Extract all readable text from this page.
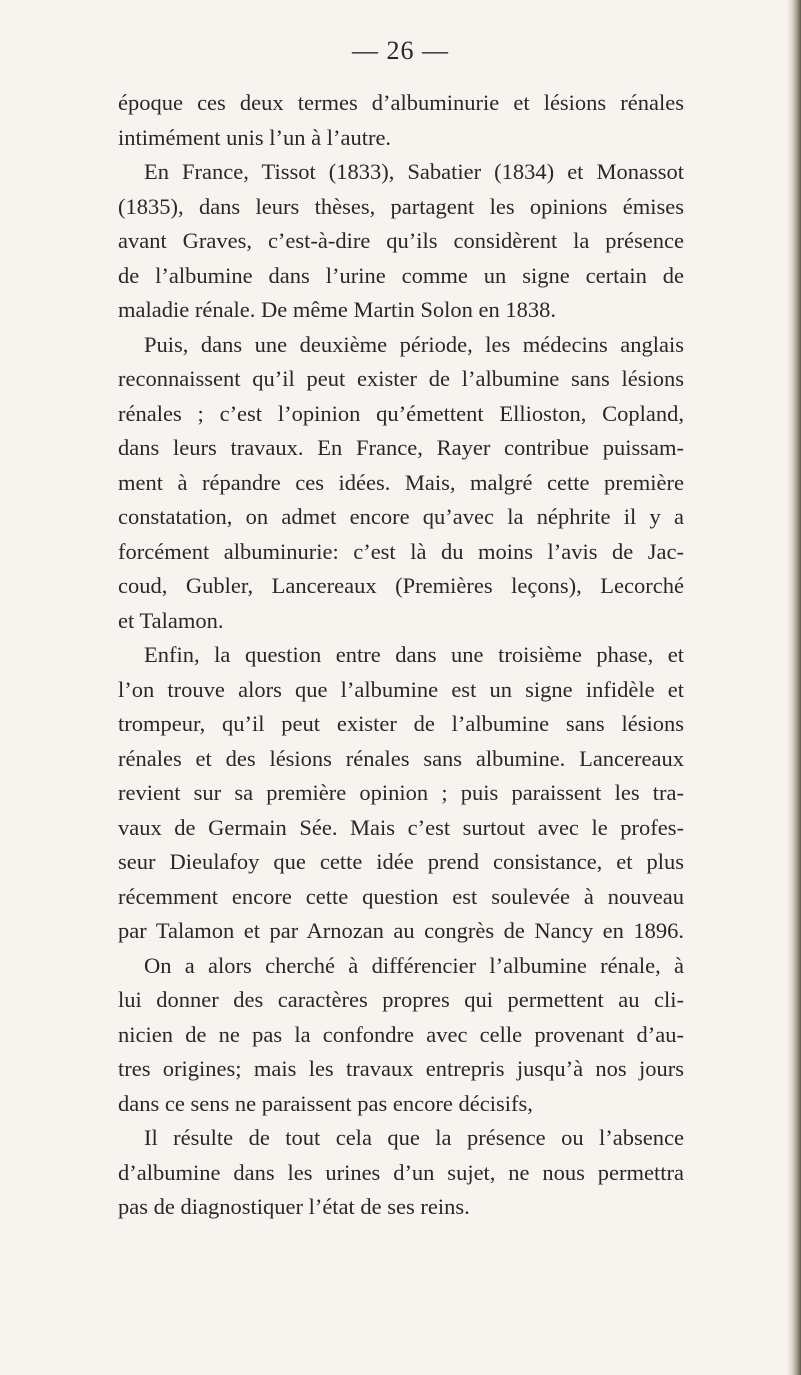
— 26 —
époque ces deux termes d’albuminurie et lésions rénales
intimément unis l’un à l’autre.
En France, Tissot (1833), Sabatier (1834) et Monassot
(1835), dans leurs thèses, partagent les opinions émises
avant Graves, c’est-à-dire qu’ils considèrent la présence
de l’albumine dans l’urine comme un signe certain de
maladie rénale. De même Martin Solon en 1838.
Puis, dans une deuxième période, les médecins anglais
reconnaissent qu’il peut exister de l’albumine sans lésions
rénales ; c’est l’opinion qu’émettent Ellioston, Copland,
dans leurs travaux. En France, Rayer contribue puissam-
ment à répandre ces idées. Mais, malgré cette première
constatation, on admet encore qu’avec la néphrite il y a
forcément albuminurie: c’est là du moins l’avis de Jac-
coud, Gubler, Lancereaux (Premières leçons), Lecorché
et Talamon.
Enfin, la question entre dans une troisième phase, et
l’on trouve alors que l’albumine est un signe infidèle et
trompeur, qu’il peut exister de l’albumine sans lésions
rénales et des lésions rénales sans albumine. Lancereaux
revient sur sa première opinion ; puis paraissent les tra-
vaux de Germain Sée. Mais c’est surtout avec le profes-
seur Dieulafoy que cette idée prend consistance, et plus
récemment encore cette question est soulevée à nouveau
par Talamon et par Arnozan au congrès de Nancy en 1896.
On a alors cherché à différencier l’albumine rénale, à
lui donner des caractères propres qui permettent au cli-
nicien de ne pas la confondre avec celle provenant d’au-
tres origines; mais les travaux entrepris jusqu’à nos jours
dans ce sens ne paraissent pas encore décisifs,
Il résulte de tout cela que la présence ou l’absence
d’albumine dans les urines d’un sujet, ne nous permettra
pas de diagnostiquer l’état de ses reins.
